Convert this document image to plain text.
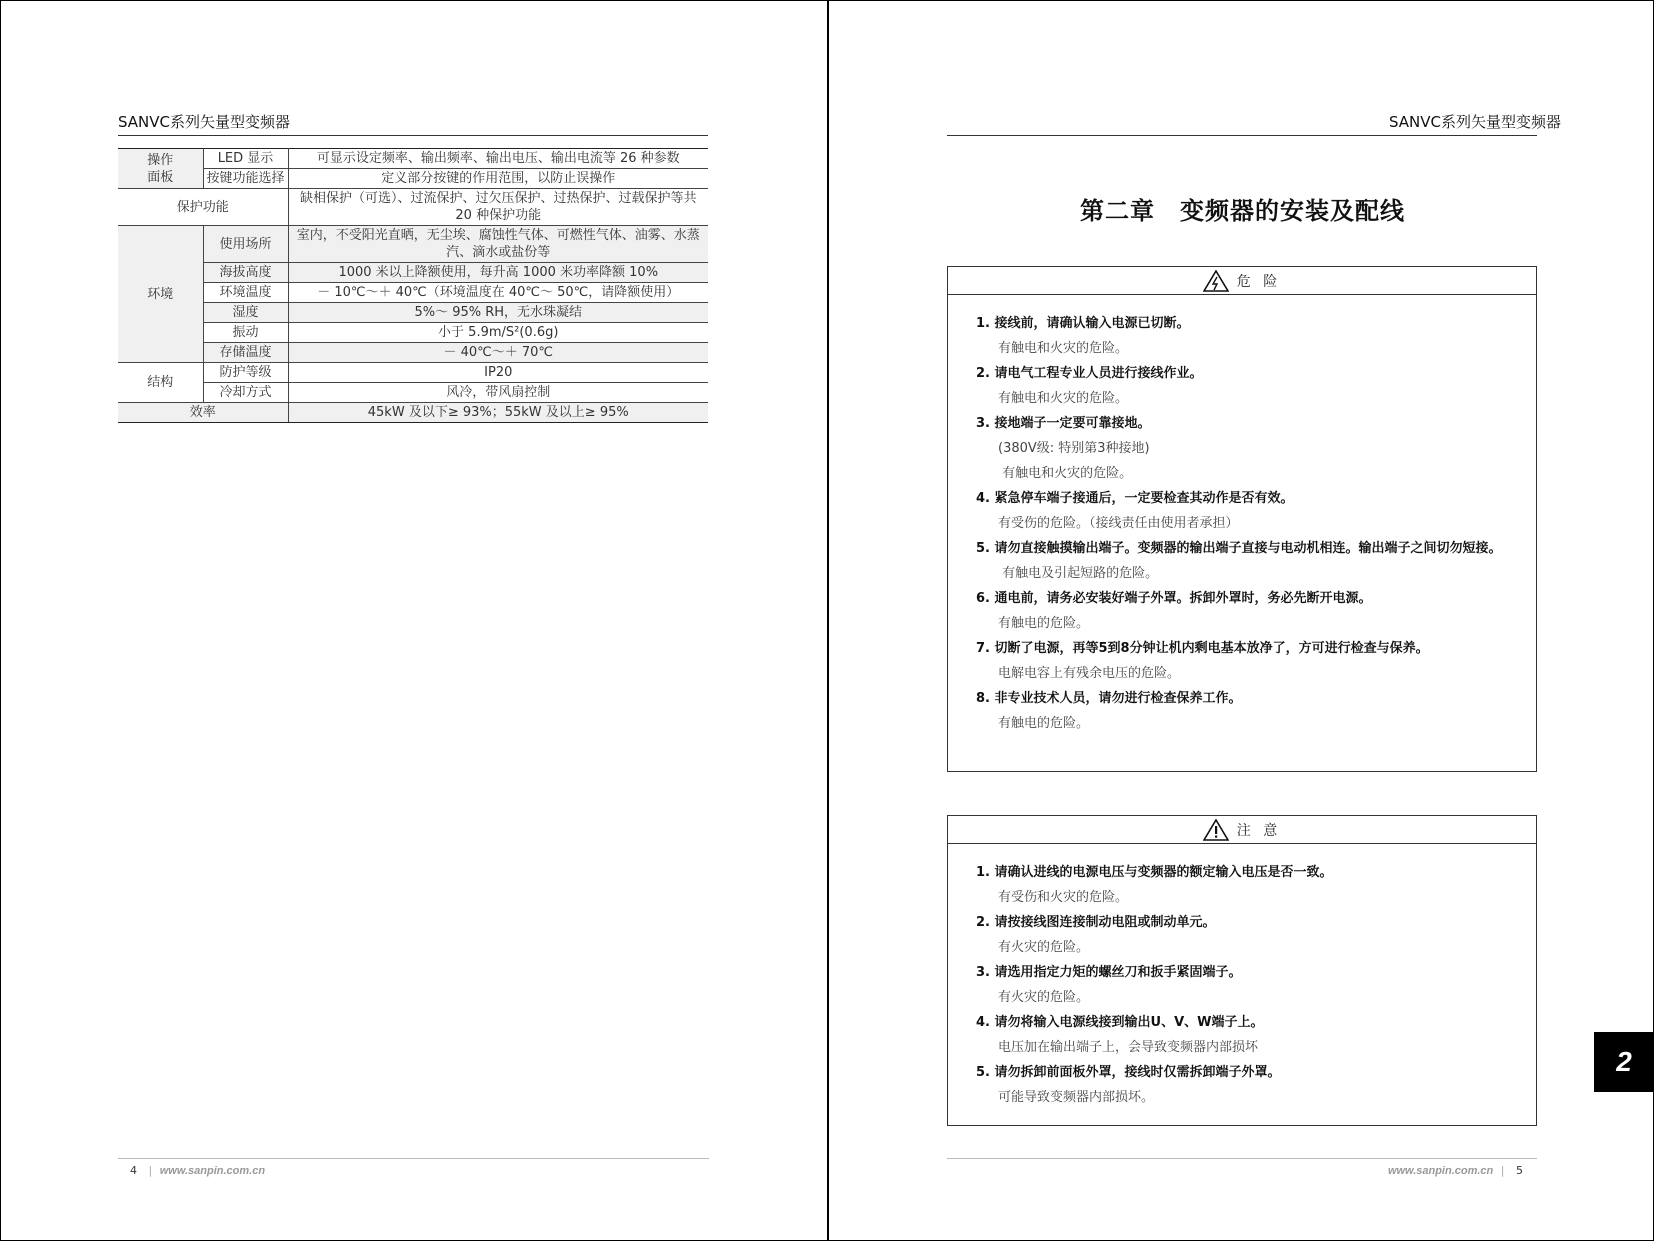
SANVC系列矢量型变频器
操作
面板	LED 显示	可显示设定频率、输出频率、输出电压、输出电流等 26 种参数
	按键功能选择	定义部分按键的作用范围，以防止误操作
保护功能		缺相保护（可选）、过流保护、过欠压保护、过热保护、过载保护等共 20 种保护功能
环境	使用场所	室内，不受阳光直晒，无尘埃、腐蚀性气体、可燃性气体、油雾、水蒸汽、滴水或盐份等
	海拔高度	1000 米以上降额使用，每升高 1000 米功率降额 10%
	环境温度	－ 10℃～＋ 40℃（环境温度在 40℃～ 50℃，请降额使用）
	湿度	5%～ 95% RH，无水珠凝结
	振动	小于 5.9m/S²(0.6g)
	存储温度	－ 40℃～＋ 70℃
结构	防护等级	IP20
	冷却方式	风冷，带风扇控制
效率		45kW 及以下≥ 93%；55kW 及以上≥ 95%
4 | www.sanpin.com.cn
SANVC系列矢量型变频器
第二章　变频器的安装及配线
危 险
1. 接线前，请确认输入电源已切断。
有触电和火灾的危险。
2. 请电气工程专业人员进行接线作业。
有触电和火灾的危险。
3. 接地端子一定要可靠接地。
(380V级: 特别第3种接地)
有触电和火灾的危险。
4. 紧急停车端子接通后，一定要检查其动作是否有效。
有受伤的危险。（接线责任由使用者承担）
5. 请勿直接触摸输出端子。变频器的输出端子直接与电动机相连。输出端子之间切勿短接。
有触电及引起短路的危险。
6. 通电前，请务必安装好端子外罩。拆卸外罩时，务必先断开电源。
有触电的危险。
7. 切断了电源，再等5到8分钟让机内剩电基本放净了，方可进行检查与保养。
电解电容上有残余电压的危险。
8. 非专业技术人员，请勿进行检查保养工作。
有触电的危险。
注 意
1. 请确认进线的电源电压与变频器的额定输入电压是否一致。
有受伤和火灾的危险。
2. 请按接线图连接制动电阻或制动单元。
有火灾的危险。
3. 请选用指定力矩的螺丝刀和扳手紧固端子。
有火灾的危险。
4. 请勿将输入电源线接到输出U、V、W端子上。
电压加在输出端子上，会导致变频器内部损坏
5. 请勿拆卸前面板外罩，接线时仅需拆卸端子外罩。
可能导致变频器内部损坏。
www.sanpin.com.cn | 5
2
